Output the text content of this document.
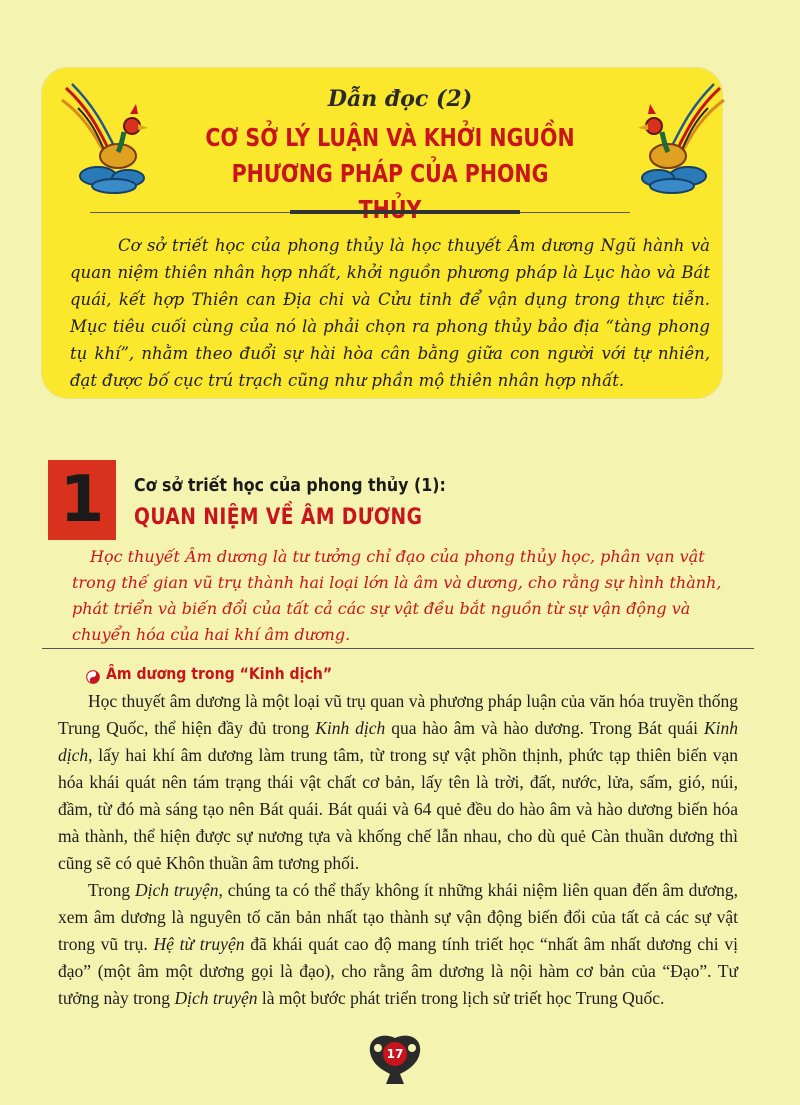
Dẫn đọc (2)
CƠ SỞ LÝ LUẬN VÀ KHỞI NGUỒN
PHƯƠNG PHÁP CỦA PHONG
Cơ sở triết học của phong thủy là học thuyết Âm dương Ngũ hành và quan niệm thiên nhân hợp nhất, khởi nguồn phương pháp là Lục hào và Bát quái, kết hợp Thiên can Địa chi và Cửu tinh để vận dụng trong thực tiễn. Mục tiêu cuối cùng của nó là phải chọn ra phong thủy bảo địa “tàng phong tụ khí”, nhằm theo đuổi sự hài hòa cân bằng giữa con người với tự nhiên, đạt được bố cục trú trạch cũng như phần mộ thiên nhân hợp nhất.
1	Cơ sở triết học của phong thủy (1):
QUAN NIỆM VỀ ÂM DƯƠNG
Học thuyết Âm dương là tư tưởng chỉ đạo của phong thủy học, phân vạn vật trong thế gian vũ trụ thành hai loại lớn là âm và dương, cho rằng sự hình thành, phát triển và biến đổi của tất cả các sự vật đều bắt nguồn từ sự vận động và chuyển hóa của hai khí âm dương.
Âm dương trong “Kinh dịch”

Học thuyết âm dương là một loại vũ trụ quan và phương pháp luận của văn hóa truyền thống Trung Quốc, thể hiện đầy đủ trong Kinh dịch qua hào âm và hào dương. Trong Bát quái Kinh dịch, lấy hai khí âm dương làm trung tâm, từ trong sự vật phồn thịnh, phức tạp thiên biến vạn hóa khái quát nên tám trạng thái vật chất cơ bản, lấy tên là trời, đất, nước, lửa, sấm, gió, núi, đầm, từ đó mà sáng tạo nên Bát quái. Bát quái và 64 quẻ đều do hào âm và hào dương biến hóa mà thành, thể hiện được sự nương tựa và khống chế lẫn nhau, cho dù quẻ Càn thuần dương thì cũng sẽ có quẻ Khôn thuần âm tương phối.

Trong Dịch truyện, chúng ta có thể thấy không ít những khái niệm liên quan đến âm dương, xem âm dương là nguyên tố căn bản nhất tạo thành sự vận động biến đổi của tất cả các sự vật trong vũ trụ. Hệ từ truyện đã khái quát cao độ mang tính triết học “nhất âm nhất dương chi vị đạo” (một âm một dương gọi là đạo), cho rằng âm dương là nội hàm cơ bản của “Đạo”. Tư tưởng này trong Dịch truyện là một bước phát triển trong lịch sử triết học Trung Quốc.

17
